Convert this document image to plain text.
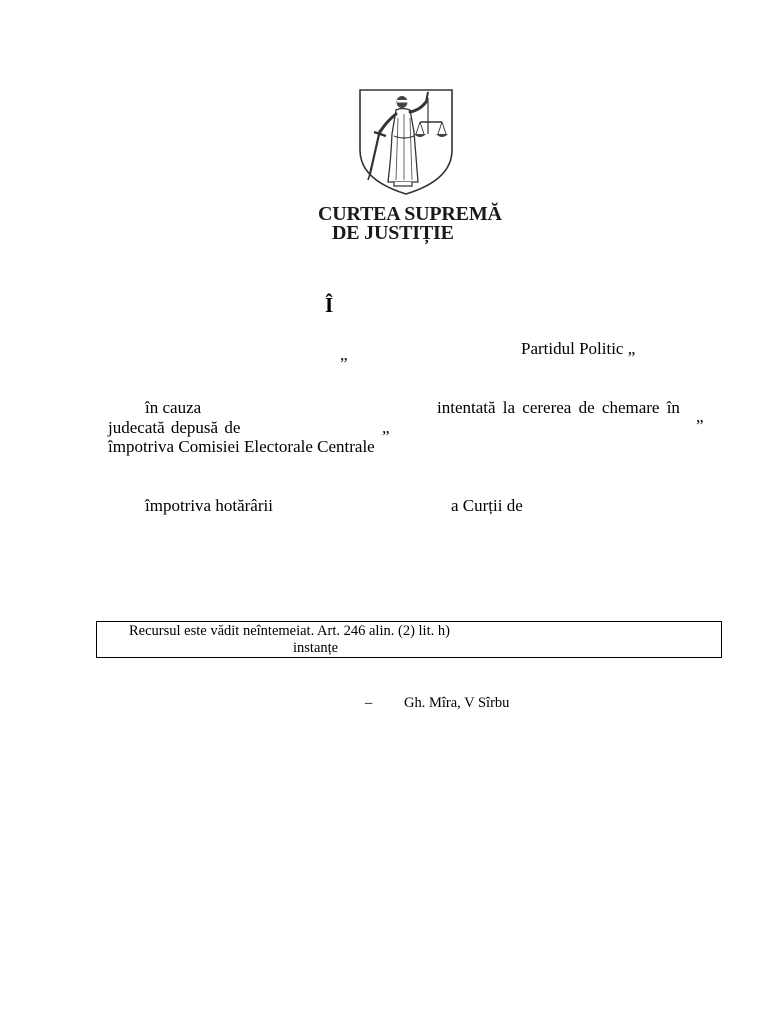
CURTEA SUPREMĂ
DE JUSTIȚIE
Î
Partidul Politic „
”
în cauza	intentată la cererea de chemare în
judecată depusă de	„	”
împotriva Comisiei Electorale Centrale
împotriva hotărârii	a Curții de
Recursul este vădit neîntemeiat. Art. 246 alin. (2) lit. h)
instanțe
– Gh. Mîra, V Sîrbu
